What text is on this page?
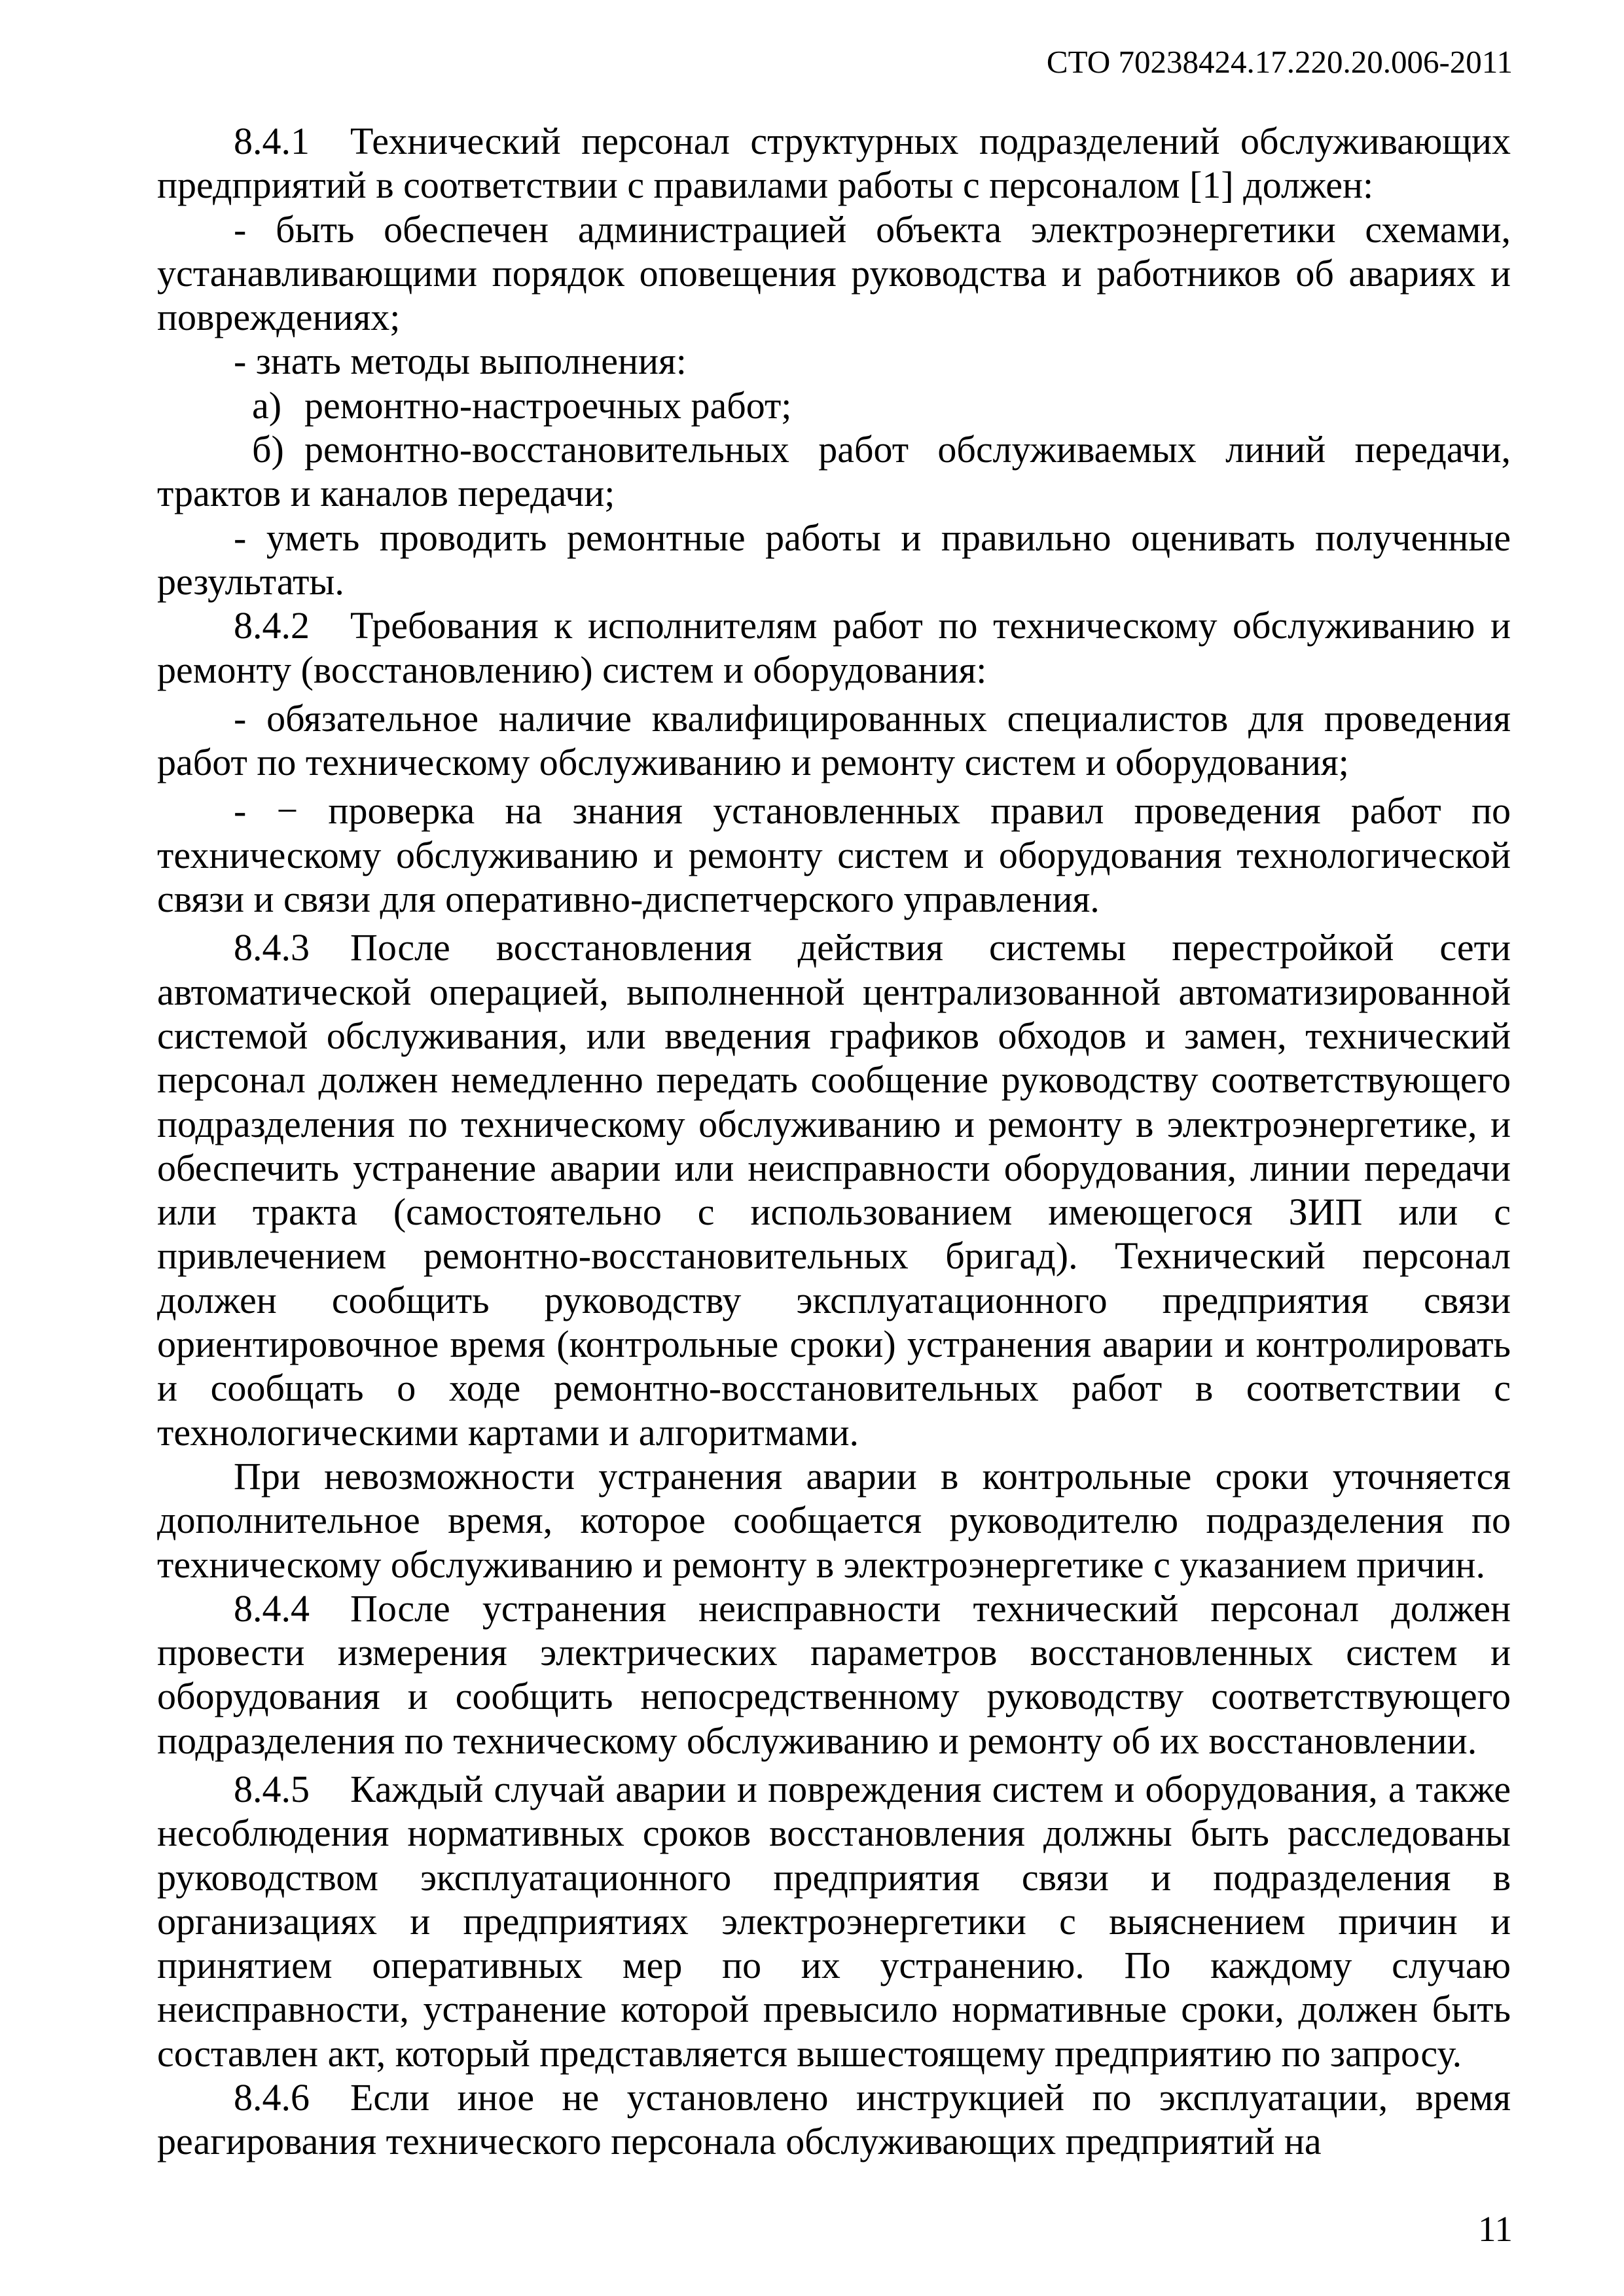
СТО 70238424.17.220.20.006-2011

8.4.1 Технический персонал структурных подразделений обслуживающих предприятий в соответствии с правилами работы с персоналом [1] должен:

- быть обеспечен администрацией объекта электроэнергетики схемами, устанавливающими порядок оповещения руководства и работников об авариях и повреждениях;

- знать методы выполнения:

а) ремонтно-настроечных работ;

б) ремонтно-восстановительных работ обслуживаемых линий передачи, трактов и каналов передачи;

- уметь проводить ремонтные работы и правильно оценивать полученные результаты.

8.4.2 Требования к исполнителям работ по техническому обслуживанию и ремонту (восстановлению) систем и оборудования:

- обязательное наличие квалифицированных специалистов для проведения работ по техническому обслуживанию и ремонту систем и оборудования;

- − проверка на знания установленных правил проведения работ по техническому обслуживанию и ремонту систем и оборудования технологической связи и связи для оперативно-диспетчерского управления.

8.4.3 После восстановления действия системы перестройкой сети автоматической операцией, выполненной централизованной автоматизированной системой обслуживания, или введения графиков обходов и замен, технический персонал должен немедленно передать сообщение руководству соответствующего подразделения по техническому обслуживанию и ремонту в электроэнергетике, и обеспечить устранение аварии или неисправности оборудования, линии передачи или тракта (самостоятельно с использованием имеющегося ЗИП или с привлечением ремонтно-восстановительных бригад). Технический персонал должен сообщить руководству эксплуатационного предприятия связи ориентировочное время (контрольные сроки) устранения аварии и контролировать и сообщать о ходе ремонтно-восстановительных работ в соответствии с технологическими картами и алгоритмами.

При невозможности устранения аварии в контрольные сроки уточняется дополнительное время, которое сообщается руководителю подразделения по техническому обслуживанию и ремонту в электроэнергетике с указанием причин.

8.4.4 После устранения неисправности технический персонал должен провести измерения электрических параметров восстановленных систем и оборудования и сообщить непосредственному руководству соответствующего подразделения по техническому обслуживанию и ремонту об их восстановлении.

8.4.5 Каждый случай аварии и повреждения систем и оборудования, а также несоблюдения нормативных сроков восстановления должны быть расследованы руководством эксплуатационного предприятия связи и подразделения в организациях и предприятиях электроэнергетики с выяснением причин и принятием оперативных мер по их устранению. По каждому случаю неисправности, устранение которой превысило нормативные сроки, должен быть составлен акт, который представляется вышестоящему предприятию по запросу.

8.4.6 Если иное не установлено инструкцией по эксплуатации, время реагирования технического персонала обслуживающих предприятий на

11
